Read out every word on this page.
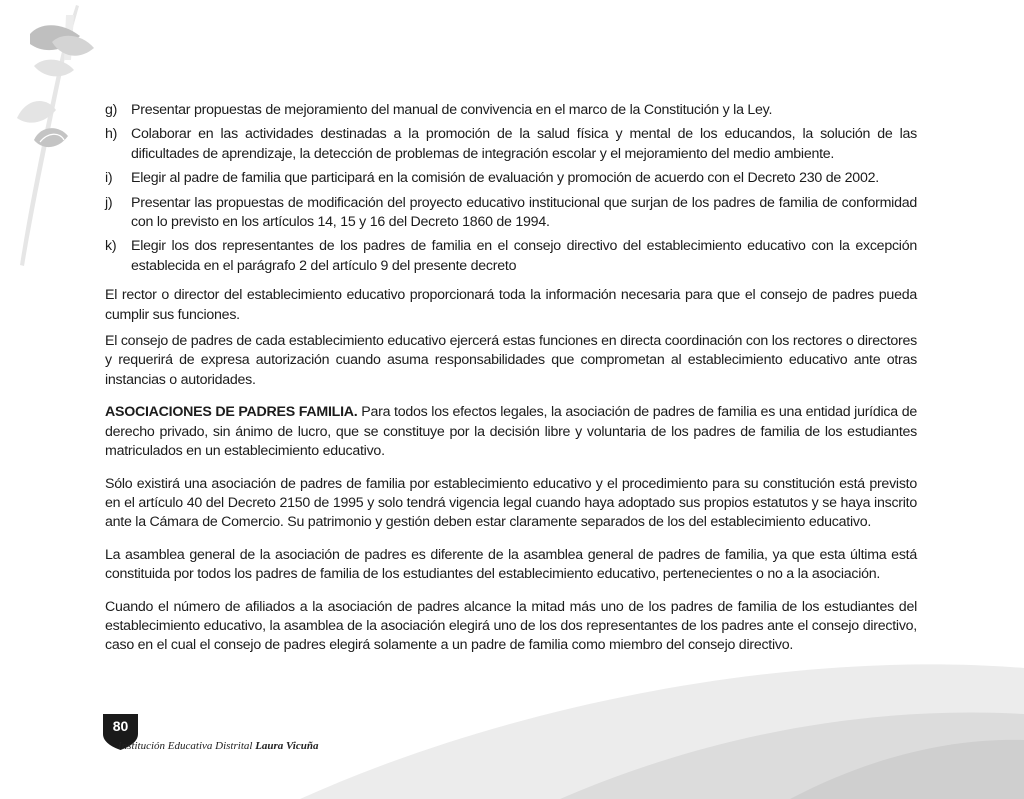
g) Presentar propuestas de mejoramiento del manual de convivencia en el marco de la Constitución y la Ley.
h) Colaborar en las actividades destinadas a la promoción de la salud física y mental de los educandos, la solución de las dificultades de aprendizaje, la detección de problemas de integración escolar y el mejoramiento del medio ambiente.
i)	Elegir al padre de familia que participará en la comisión de evaluación y promoción de acuerdo con el Decreto 230 de 2002.
j)	Presentar las propuestas de modificación del proyecto educativo institucional que surjan de los padres de familia de conformidad con lo previsto en los artículos 14, 15 y 16 del Decreto 1860 de 1994.
k)	Elegir los dos representantes de los padres de familia en el consejo directivo del establecimiento educativo con la excepción establecida en el parágrafo 2 del artículo 9 del presente decreto

El rector o director del establecimiento educativo proporcionará toda la información necesaria para que el consejo de padres pueda cumplir sus funciones.

El consejo de padres de cada establecimiento educativo ejercerá estas funciones en directa coordinación con los rectores o directores y requerirá de expresa autorización cuando asuma responsabilidades que comprometan al establecimiento educativo ante otras instancias o autoridades.

ASOCIACIONES DE PADRES FAMILIA. Para todos los efectos legales, la asociación de padres de familia es una entidad jurídica de derecho privado, sin ánimo de lucro, que se constituye por la decisión libre y voluntaria de los padres de familia de los estudiantes matriculados en un establecimiento educativo.

Sólo existirá una asociación de padres de familia por establecimiento educativo y el procedimiento para su constitución está previsto en el artículo 40 del Decreto 2150 de 1995 y solo tendrá vigencia legal cuando haya adoptado sus propios estatutos y se haya inscrito ante la Cámara de Comercio. Su patrimonio y gestión deben estar claramente separados de los del establecimiento educativo.

La asamblea general de la asociación de padres es diferente de la asamblea general de padres de familia, ya que esta última está constituida por todos los padres de familia de los estudiantes del establecimiento educativo, pertenecientes o no a la asociación.

Cuando el número de afiliados a la asociación de padres alcance la mitad más uno de los padres de familia de los estudiantes del establecimiento educativo, la asamblea de la asociación elegirá uno de los dos representantes de los padres ante el consejo directivo, caso en el cual el consejo de padres elegirá solamente a un padre de familia como miembro del consejo directivo.

80
Institución Educativa Distrital Laura Vicuña
